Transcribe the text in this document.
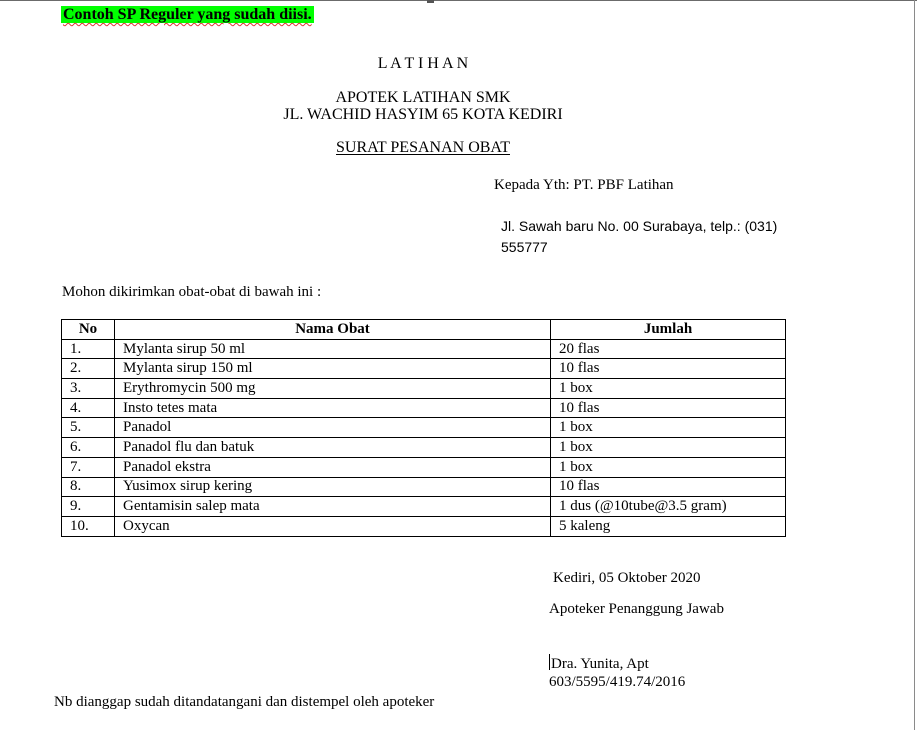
Contoh SP Reguler yang sudah diisi.
L A T I H A N
APOTEK LATIHAN SMK
JL. WACHID HASYIM 65 KOTA KEDIRI
SURAT PESANAN OBAT
Kepada Yth: PT. PBF Latihan
Jl. Sawah baru No. 00 Surabaya, telp.: (031)
555777
Mohon dikirimkan obat-obat di bawah ini :
No	Nama Obat	Jumlah
1.	Mylanta sirup 50 ml	20 flas
2.	Mylanta sirup 150 ml	10 flas
3.	Erythromycin 500 mg	1 box
4.	Insto tetes mata	10 flas
5.	Panadol	1 box
6.	Panadol flu dan batuk	1 box
7.	Panadol ekstra	1 box
8.	Yusimox sirup kering	10 flas
9.	Gentamisin salep mata	1 dus (@10tube@3.5 gram)
10.	Oxycan	5 kaleng
Kediri, 05 Oktober 2020
Apoteker Penanggung Jawab
Dra. Yunita, Apt
603/5595/419.74/2016
Nb dianggap sudah ditandatangani dan distempel oleh apoteker
